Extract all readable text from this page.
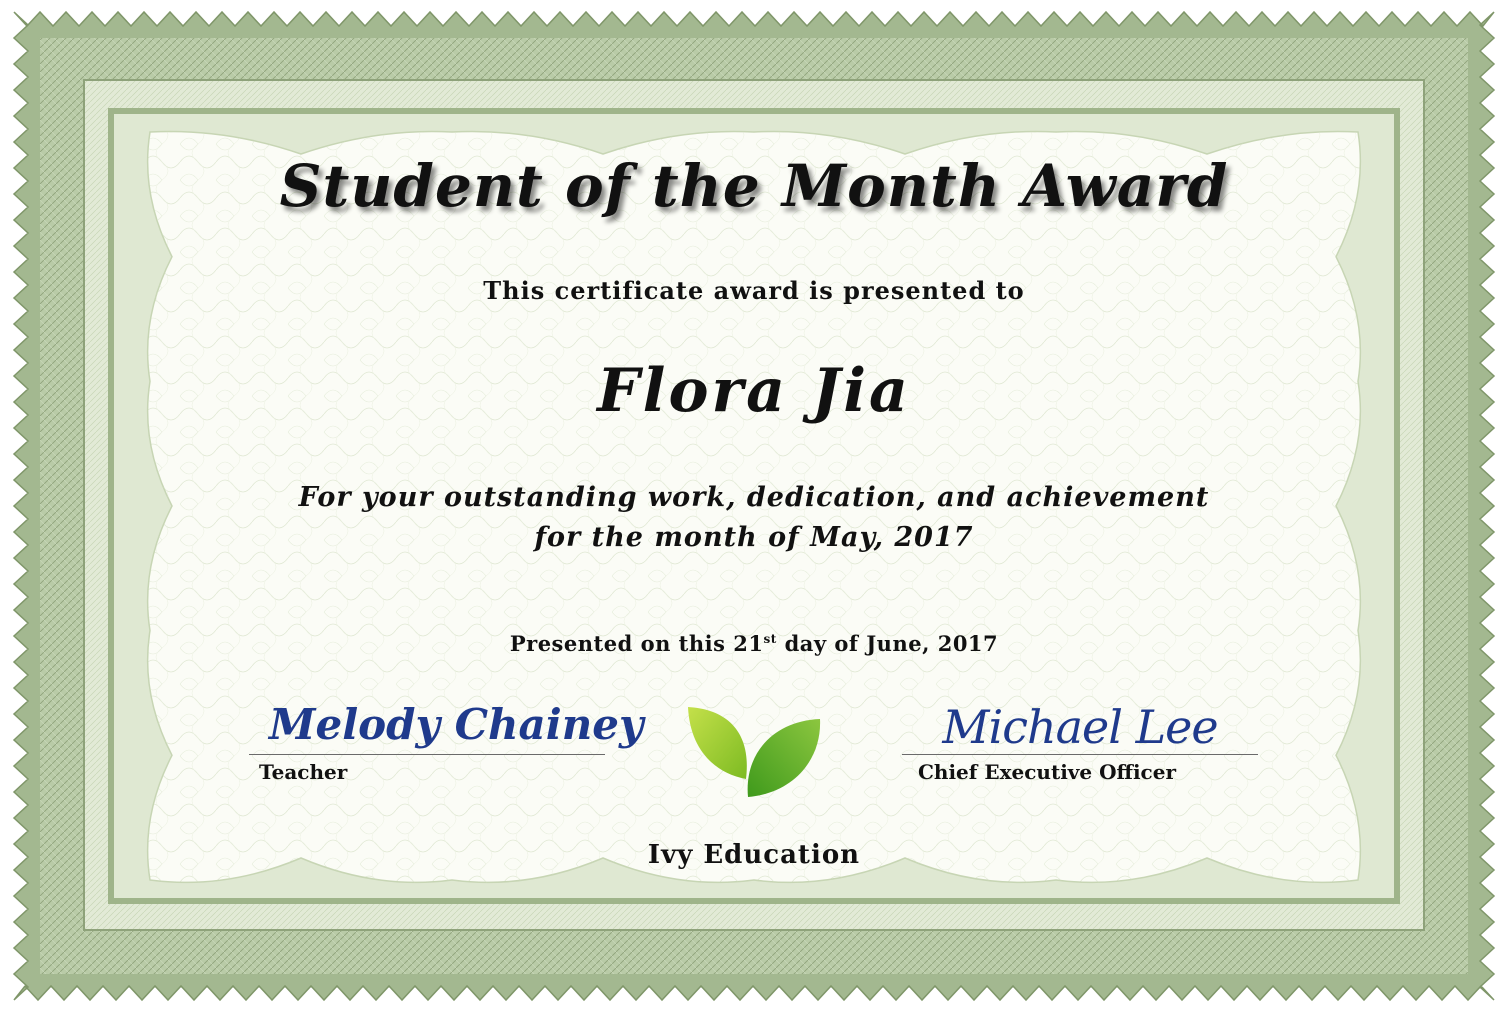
Student of the Month Award
This certificate award is presented to
Flora Jia
For your outstanding work, dedication, and achievement
for the month of May, 2017
Presented on this 21st day of June, 2017
Melody Chainey
Teacher
Michael Lee
Chief Executive Officer
Ivy Education
